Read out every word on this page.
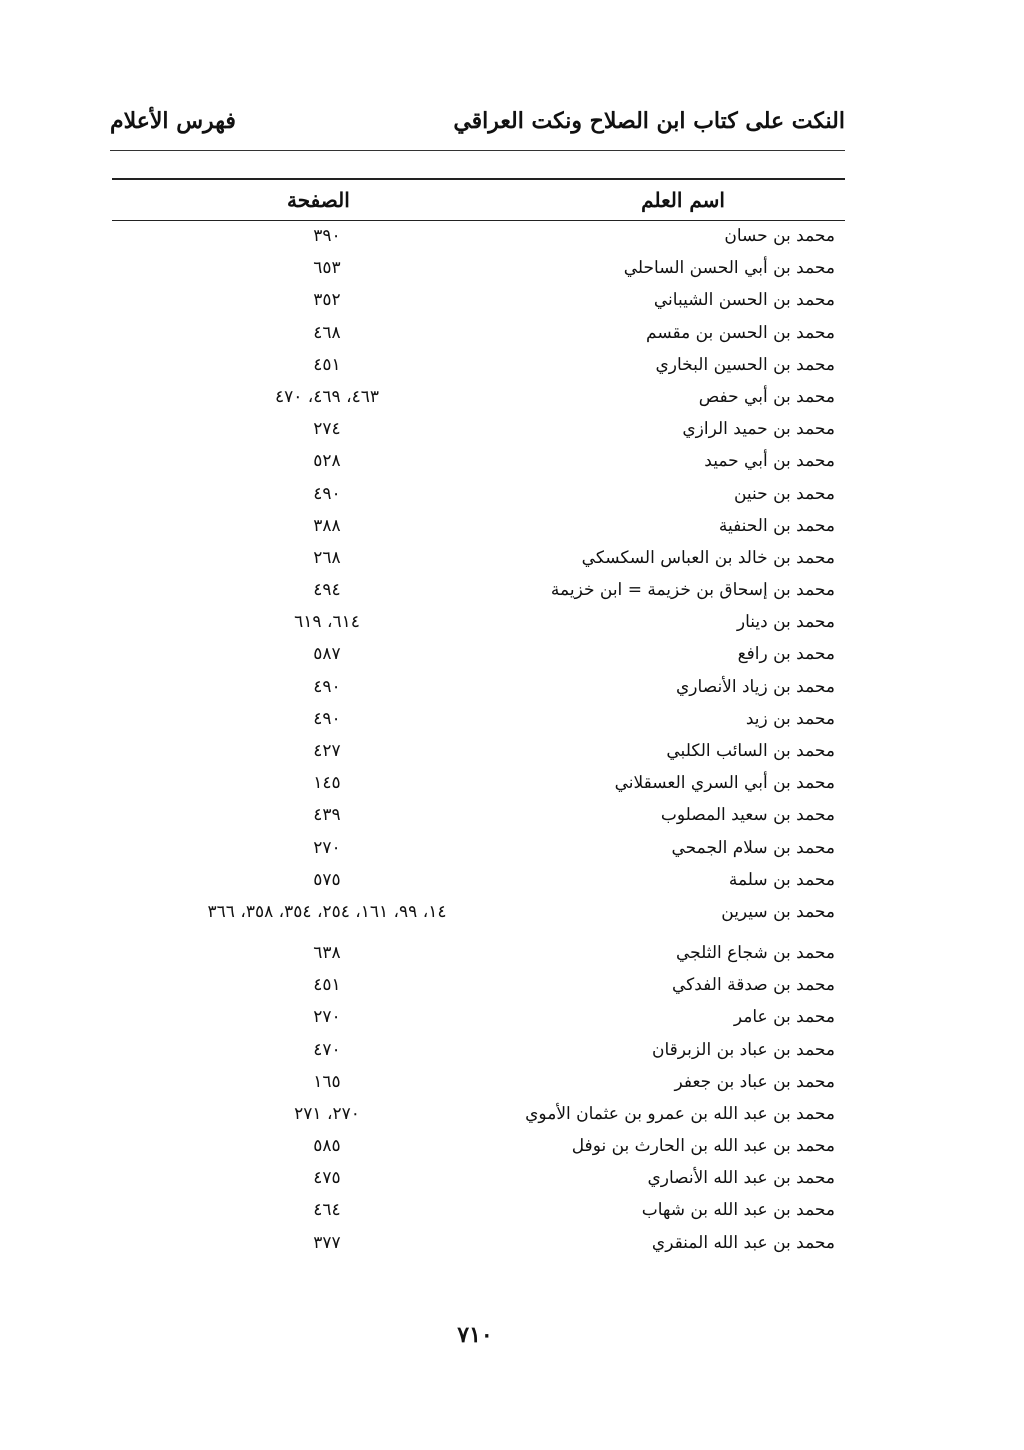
النكت على كتاب ابن الصلاح ونكت العراقي
فهرس الأعلام
اسم العلم
الصفحة
محمد بن حسان
٣٩٠
محمد بن أبي الحسن الساحلي
٦٥٣
محمد بن الحسن الشيباني
٣٥٢
محمد بن الحسن بن مقسم
٤٦٨
محمد بن الحسين البخاري
٤٥١
محمد بن أبي حفص
٤٦٣، ٤٦٩، ٤٧٠
محمد بن حميد الرازي
٢٧٤
محمد بن أبي حميد
٥٢٨
محمد بن حنين
٤٩٠
محمد بن الحنفية
٣٨٨
محمد بن خالد بن العباس السكسكي
٢٦٨
محمد بن إسحاق بن خزيمة = ابن خزيمة
٤٩٤
محمد بن دينار
٦١٤، ٦١٩
محمد بن رافع
٥٨٧
محمد بن زياد الأنصاري
٤٩٠
محمد بن زيد
٤٩٠
محمد بن السائب الكلبي
٤٢٧
محمد بن أبي السري العسقلاني
١٤٥
محمد بن سعيد المصلوب
٤٣٩
محمد بن سلام الجمحي
٢٧٠
محمد بن سلمة
٥٧٥
محمد بن سيرين
١٤، ٩٩، ١٦١، ٢٥٤، ٣٥٤، ٣٥٨، ٣٦٦
محمد بن شجاع الثلجي
٦٣٨
محمد بن صدقة الفدكي
٤٥١
محمد بن عامر
٢٧٠
محمد بن عباد بن الزبرقان
٤٧٠
محمد بن عباد بن جعفر
١٦٥
محمد بن عبد الله بن عمرو بن عثمان الأموي
٢٧٠، ٢٧١
محمد بن عبد الله بن الحارث بن نوفل
٥٨٥
محمد بن عبد الله الأنصاري
٤٧٥
محمد بن عبد الله بن شهاب
٤٦٤
محمد بن عبد الله المنقري
٣٧٧
٧١٠
